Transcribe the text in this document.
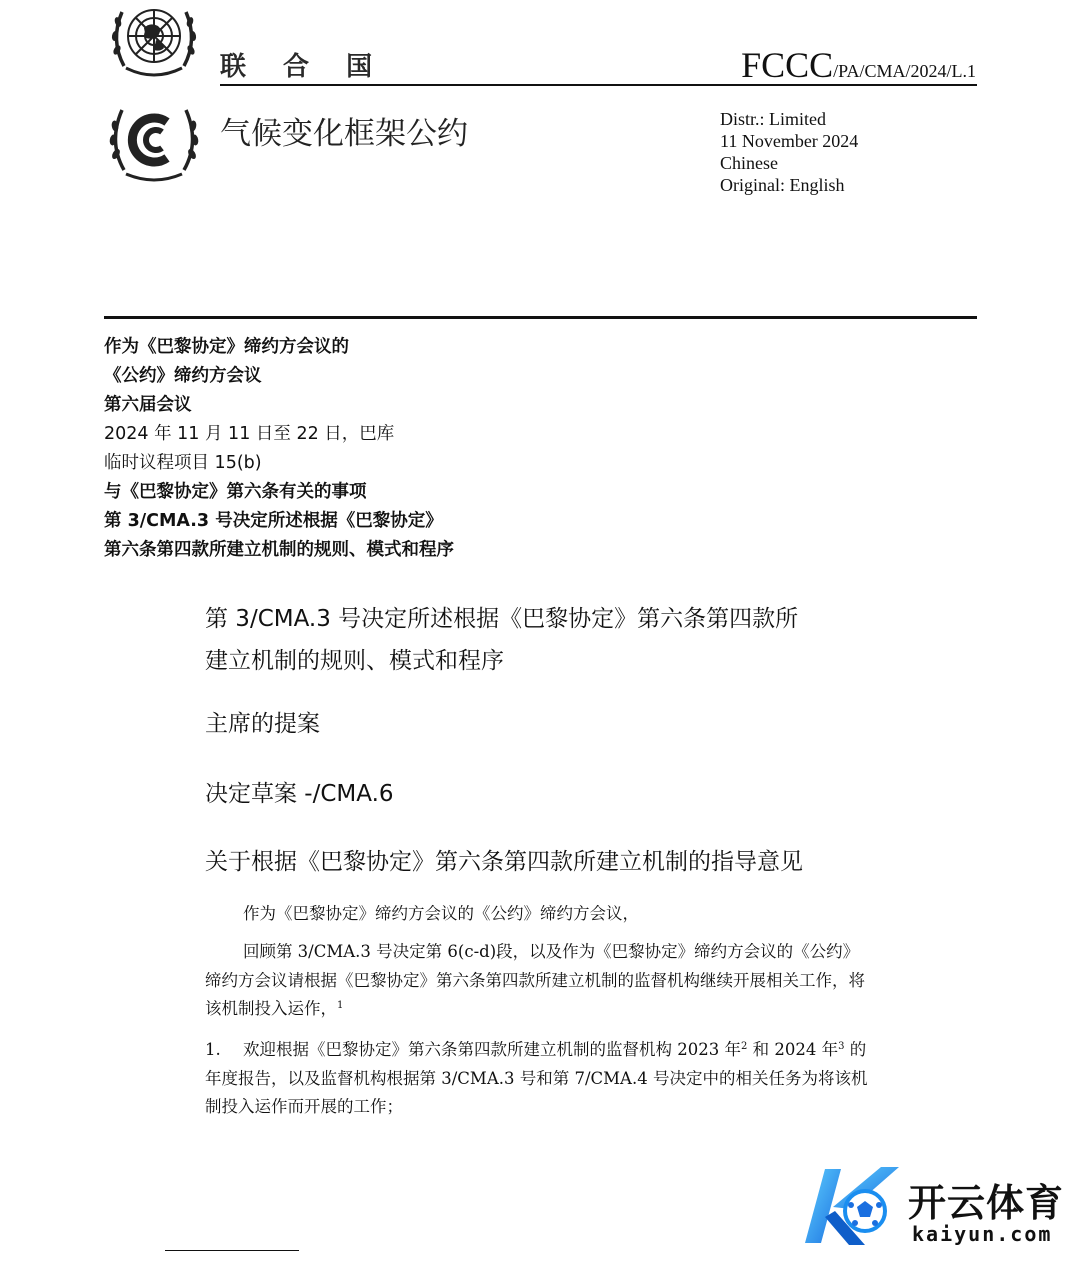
联 合 国	FCCC/PA/CMA/2024/L.1
气候变化框架公约	Distr.: Limited
11 November 2024
Chinese
Original: English
作为《巴黎协定》缔约方会议的
《公约》缔约方会议
第六届会议
2024 年 11 月 11 日至 22 日，巴库
临时议程项目 15(b)
与《巴黎协定》第六条有关的事项
第 3/CMA.3 号决定所述根据《巴黎协定》
第六条第四款所建立机制的规则、模式和程序
第 3/CMA.3 号决定所述根据《巴黎协定》第六条第四款所
建立机制的规则、模式和程序
主席的提案
决定草案 -/CMA.6
关于根据《巴黎协定》第六条第四款所建立机制的指导意见
作为《巴黎协定》缔约方会议的《公约》缔约方会议，
回顾第 3/CMA.3 号决定第 6(c-d)段，以及作为《巴黎协定》缔约方会议的《公约》缔约方会议请根据《巴黎协定》第六条第四款所建立机制的监督机构继续开展相关工作，将该机制投入运作，$^1$
1. 欢迎根据《巴黎协定》第六条第四款所建立机制的监督机构 2023 年$^2$ 和 2024 年$^3$ 的年度报告，以及监督机构根据第 3/CMA.3 号和第 7/CMA.4 号决定中的相关任务为将该机制投入运作而开展的工作；
开云体育
kaiyun.com
